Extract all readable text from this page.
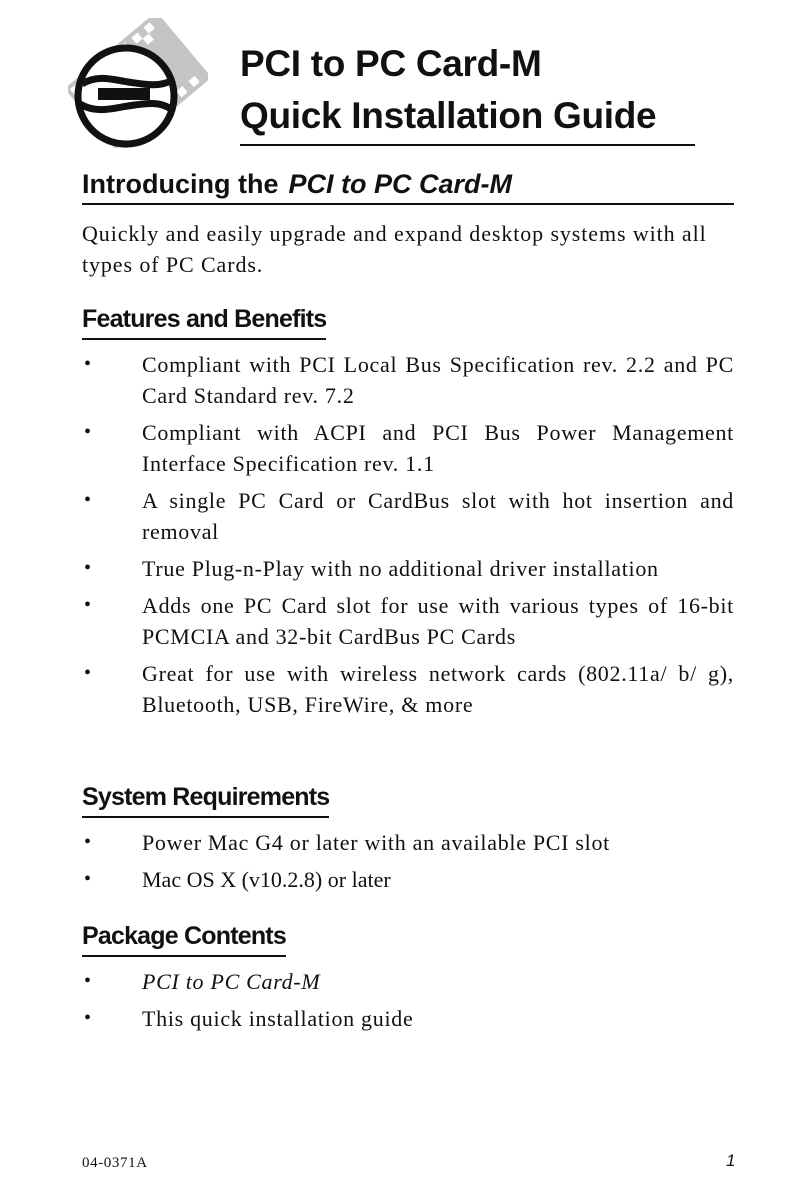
PCI to PC Card-M
Quick Installation Guide
Introducing the PCI to PC Card-M
Quickly and easily upgrade and expand desktop systems with all types of PC Cards.
Features and Benefits
• Compliant with PCI Local Bus Specification rev. 2.2 and PC Card Standard rev. 7.2
• Compliant with ACPI and PCI Bus Power Management Interface Specification rev. 1.1
• A single PC Card or CardBus slot with hot insertion and removal
• True Plug-n-Play with no additional driver installation
• Adds one PC Card slot for use with various types of 16-bit PCMCIA and 32-bit CardBus PC Cards
• Great for use with wireless network cards (802.11a/ b/ g), Bluetooth, USB, FireWire, & more
System Requirements
• Power Mac G4 or later with an available PCI slot
• Mac OS X (v10.2.8) or later
Package Contents
• PCI to PC Card-M
• This quick installation guide
04-0371A	1
